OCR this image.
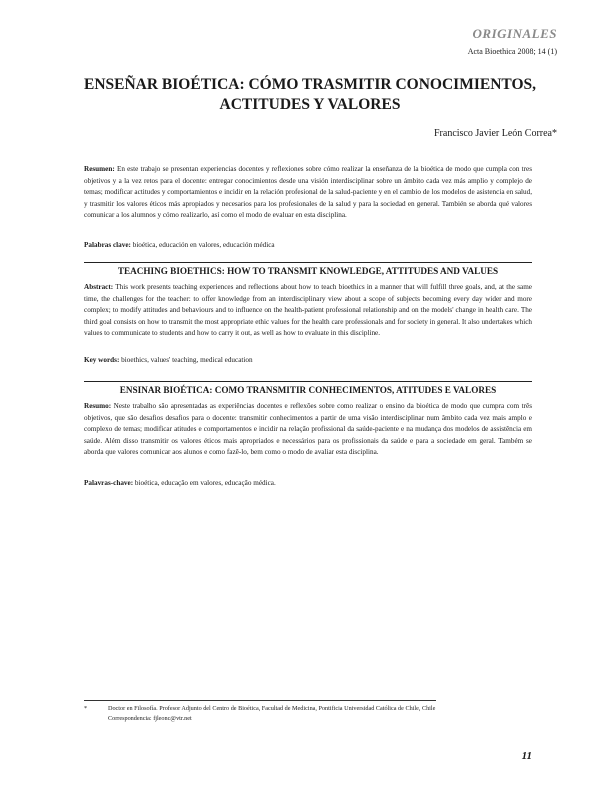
ORIGINALES
Acta Bioethica 2008; 14 (1)
ENSEÑAR BIOÉTICA: CÓMO TRASMITIR CONOCIMIENTOS,
ACTITUDES Y VALORES
Francisco Javier León Correa*
Resumen: En este trabajo se presentan experiencias docentes y reflexiones sobre cómo realizar la enseñanza de la bioética de modo que cumpla con tres objetivos y a la vez retos para el docente: entregar conocimientos desde una visión interdisciplinar sobre un ámbito cada vez más amplio y complejo de temas; modificar actitudes y comportamientos e incidir en la relación profesional de la salud-paciente y en el cambio de los modelos de asistencia en salud, y trasmitir los valores éticos más apropiados y necesarios para los profesionales de la salud y para la sociedad en general. También se aborda qué valores comunicar a los alumnos y cómo realizarlo, así como el modo de evaluar en esta disciplina.
Palabras clave: bioética, educación en valores, educación médica
TEACHING BIOETHICS: HOW TO TRANSMIT KNOWLEDGE, ATTITUDES AND VALUES
Abstract: This work presents teaching experiences and reflections about how to teach bioethics in a manner that will fulfill three goals, and, at the same time, the challenges for the teacher: to offer knowledge from an interdisciplinary view about a scope of subjects becoming every day wider and more complex; to modify attitudes and behaviours and to influence on the health-patient professional relationship and on the models' change in health care. The third goal consists on how to transmit the most appropriate ethic values for the health care professionals and for society in general. It also undertakes which values to communicate to students and how to carry it out, as well as how to evaluate in this discipline.
Key words: bioethics, values' teaching, medical education
ENSINAR BIOÉTICA: COMO TRANSMITIR CONHECIMENTOS, ATITUDES E VALORES
Resumo: Neste trabalho são apresentadas as experiências docentes e reflexões sobre como realizar o ensino da bioética de modo que cumpra com três objetivos, que são desafios desafios para o docente: transmitir conhecimentos a partir de uma visão interdisciplinar num âmbito cada vez mais amplo e complexo de temas; modificar atitudes e comportamentos e incidir na relação profissional da saúde-paciente e na mudança dos modelos de assistência em saúde. Além disso transmitir os valores éticos mais apropriados e necessários para os profissionais da saúde e para a sociedade em geral. Também se aborda que valores comunicar aos alunos e como fazê-lo, bem como o modo de avaliar esta disciplina.
Palavras-chave: bioética, educação em valores, educação médica.
*	Doctor en Filosofía. Profesor Adjunto del Centro de Bioética, Facultad de Medicina, Pontificia Universidad Católica de Chile, Chile
Correspondencia: fjleonc@vtr.net
11
